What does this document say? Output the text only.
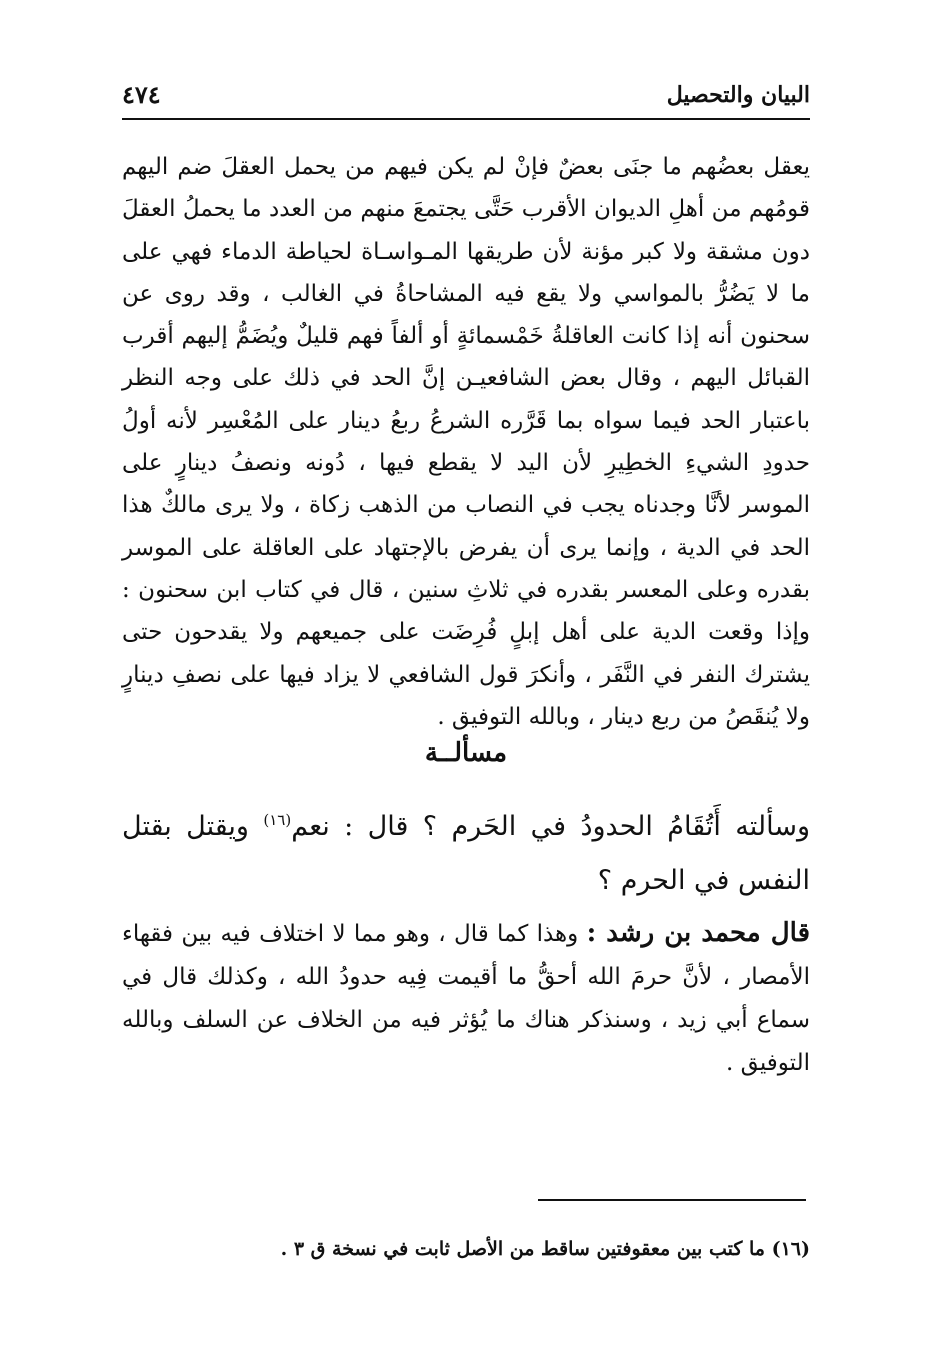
البيان والتحصيل
٤٧٤

يعقل بعضُهم ما جنَى بعضٌ فإنْ لم يكن فيهم من يحمل العقلَ ضم اليهم قومُهم من أهلِ الديوان الأقرب حَتَّى يجتمعَ منهم من العدد ما يحملُ العقلَ دون مشقة ولا كبر مؤنة لأن طريقها المـواسـاة لحياطة الدماء فهي على ما لا يَضُرُّ بالمواسي ولا يقع فيه المشاحاةُ في الغالب ، وقد روى عن سحنون أنه إذا كانت العاقلةُ خَمْسمائةٍ أو ألفاً فهم قليلٌ ويُضَمُّ إليهم أقرب القبائل اليهم ، وقال بعض الشافعيـن إنَّ الحد في ذلك على وجه النظر باعتبار الحد فيما سواه بما قَرَّره الشرعُ ربعُ دينار على المُعْسِر لأنه أولُ حدودِ الشيءِ الخطِيرِ لأن اليد لا يقطع فيها ، دُونه ونصفُ دينارٍ على الموسر لأنَّا وجدناه يجب في النصاب من الذهب زكاة ، ولا يرى مالكٌ هذا الحد في الدية ، وإنما يرى أن يفرض بالإجتهاد على العاقلة على الموسر بقدره وعلى المعسر بقدره في ثلاثِ سنين ، قال في كتاب ابن سحنون : وإذا وقعت الدية على أهل إبلٍ فُرِضَت على جميعهم ولا يقدحون حتى يشترك النفر في النَّفَر ، وأنكرَ قول الشافعي لا يزاد فيها على نصفِ دينارٍ ولا يُنقَصُ من ربع دينار ، وبالله التوفيق .

مسألــة

وسألته أَتُقَامُ الحدودُ في الحَرم ؟ قال : نعم$^{(١٦)}$ ويقتل بقتل النفس في الحرم ؟

قال محمد بن رشد : وهذا كما قال ، وهو مما لا اختلاف فيه بين فقهاء الأمصار ، لأنَّ حرمَ الله أحقُّ ما أقيمت فِيه حدودُ الله ، وكذلك قال في سماع أبي زيد ، وسنذكر هناك ما يُؤثر فيه من الخلاف عن السلف وبالله التوفيق .

(١٦) ما كتب بين معقوفتين ساقط من الأصل ثابت في نسخة ق ٣ .
